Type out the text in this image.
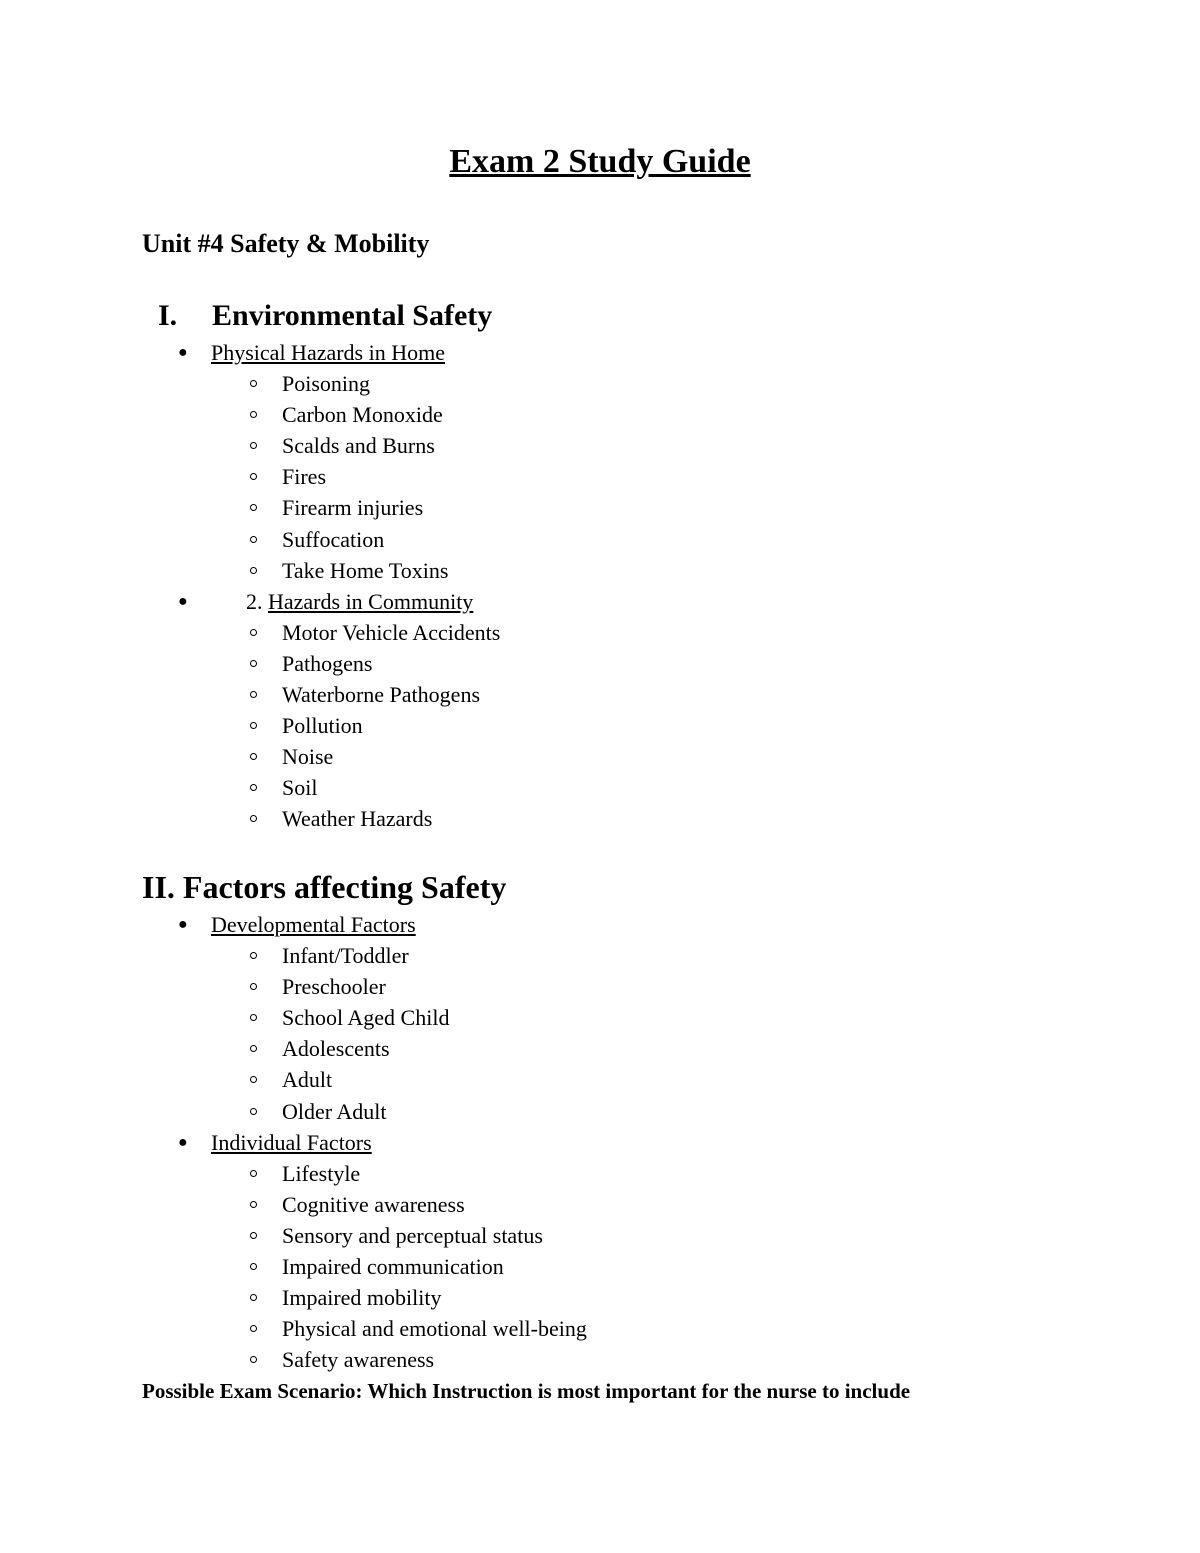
Exam 2 Study Guide
Unit #4 Safety & Mobility
I. Environmental Safety
● Physical Hazards in Home
Poisoning
Carbon Monoxide
Scalds and Burns
Fires
Firearm injuries
Suffocation
Take Home Toxins
●	2. Hazards in Community
Motor Vehicle Accidents
Pathogens
Waterborne Pathogens
Pollution
Noise
Soil
Weather Hazards
II. Factors affecting Safety
● Developmental Factors
Infant/Toddler
Preschooler
School Aged Child
Adolescents
Adult
Older Adult
● Individual Factors
Lifestyle
Cognitive awareness
Sensory and perceptual status
Impaired communication
Impaired mobility
Physical and emotional well-being
Safety awareness
Possible Exam Scenario: Which Instruction is most important for the nurse to include
